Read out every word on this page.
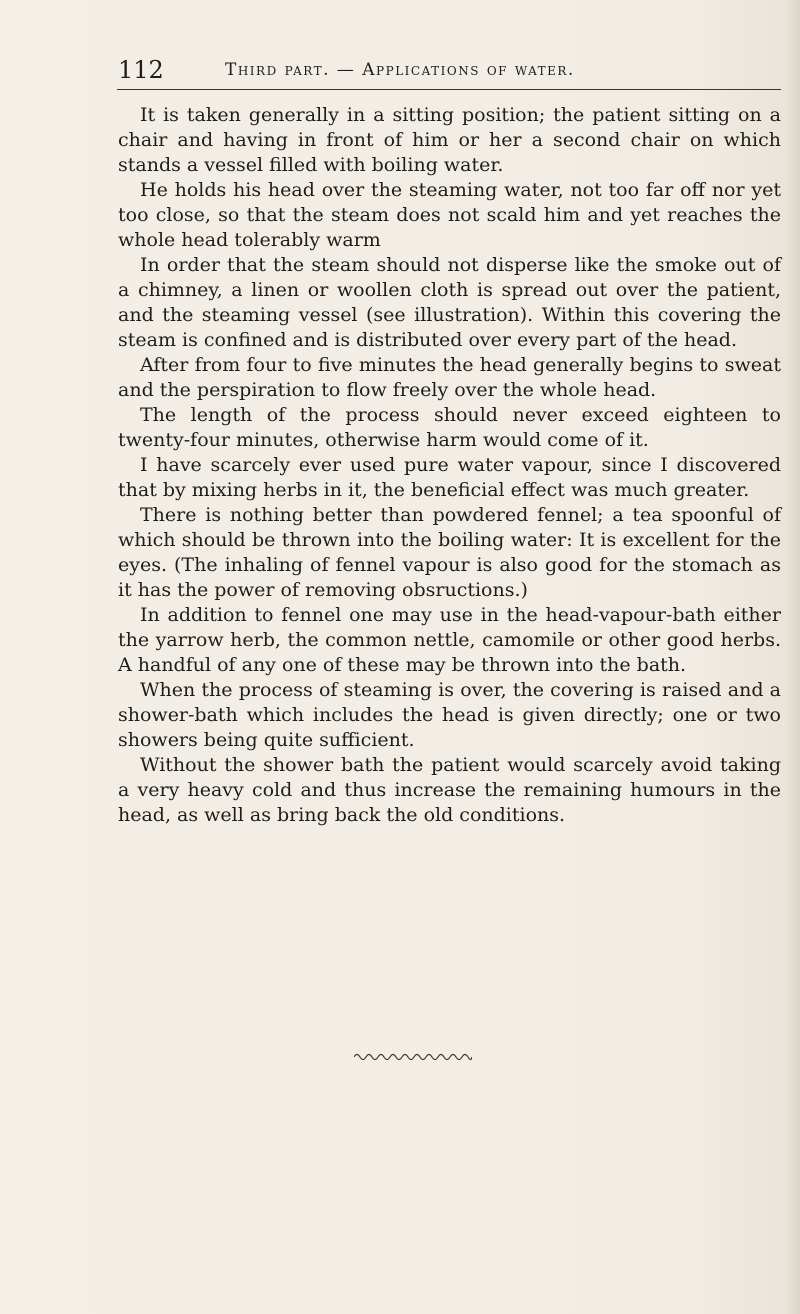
112	Third part. — Applications of water.

It is taken generally in a sitting position; the patient sitting on a chair and having in front of him or her a second chair on which stands a vessel filled with boiling water.

He holds his head over the steaming water, not too far off nor yet too close, so that the steam does not scald him and yet reaches the whole head tolerably warm

In order that the steam should not disperse like the smoke out of a chimney, a linen or woollen cloth is spread out over the patient, and the steaming vessel (see illustration). Within this covering the steam is confined and is distributed over every part of the head.

After from four to five minutes the head generally begins to sweat and the perspiration to flow freely over the whole head.

The length of the process should never exceed eighteen to twenty-four minutes, otherwise harm would come of it.

I have scarcely ever used pure water vapour, since I discovered that by mixing herbs in it, the beneficial effect was much greater.

There is nothing better than powdered fennel; a tea spoonful of which should be thrown into the boiling water: It is excellent for the eyes. (The inhaling of fennel vapour is also good for the stomach as it has the power of removing obsructions.)

In addition to fennel one may use in the head-vapour-bath either the yarrow herb, the common nettle, camomile or other good herbs. A handful of any one of these may be thrown into the bath.

When the process of steaming is over, the covering is raised and a shower-bath which includes the head is given directly; one or two showers being quite sufficient.

Without the shower bath the patient would scarcely avoid taking a very heavy cold and thus increase the remaining humours in the head, as well as bring back the old conditions.
